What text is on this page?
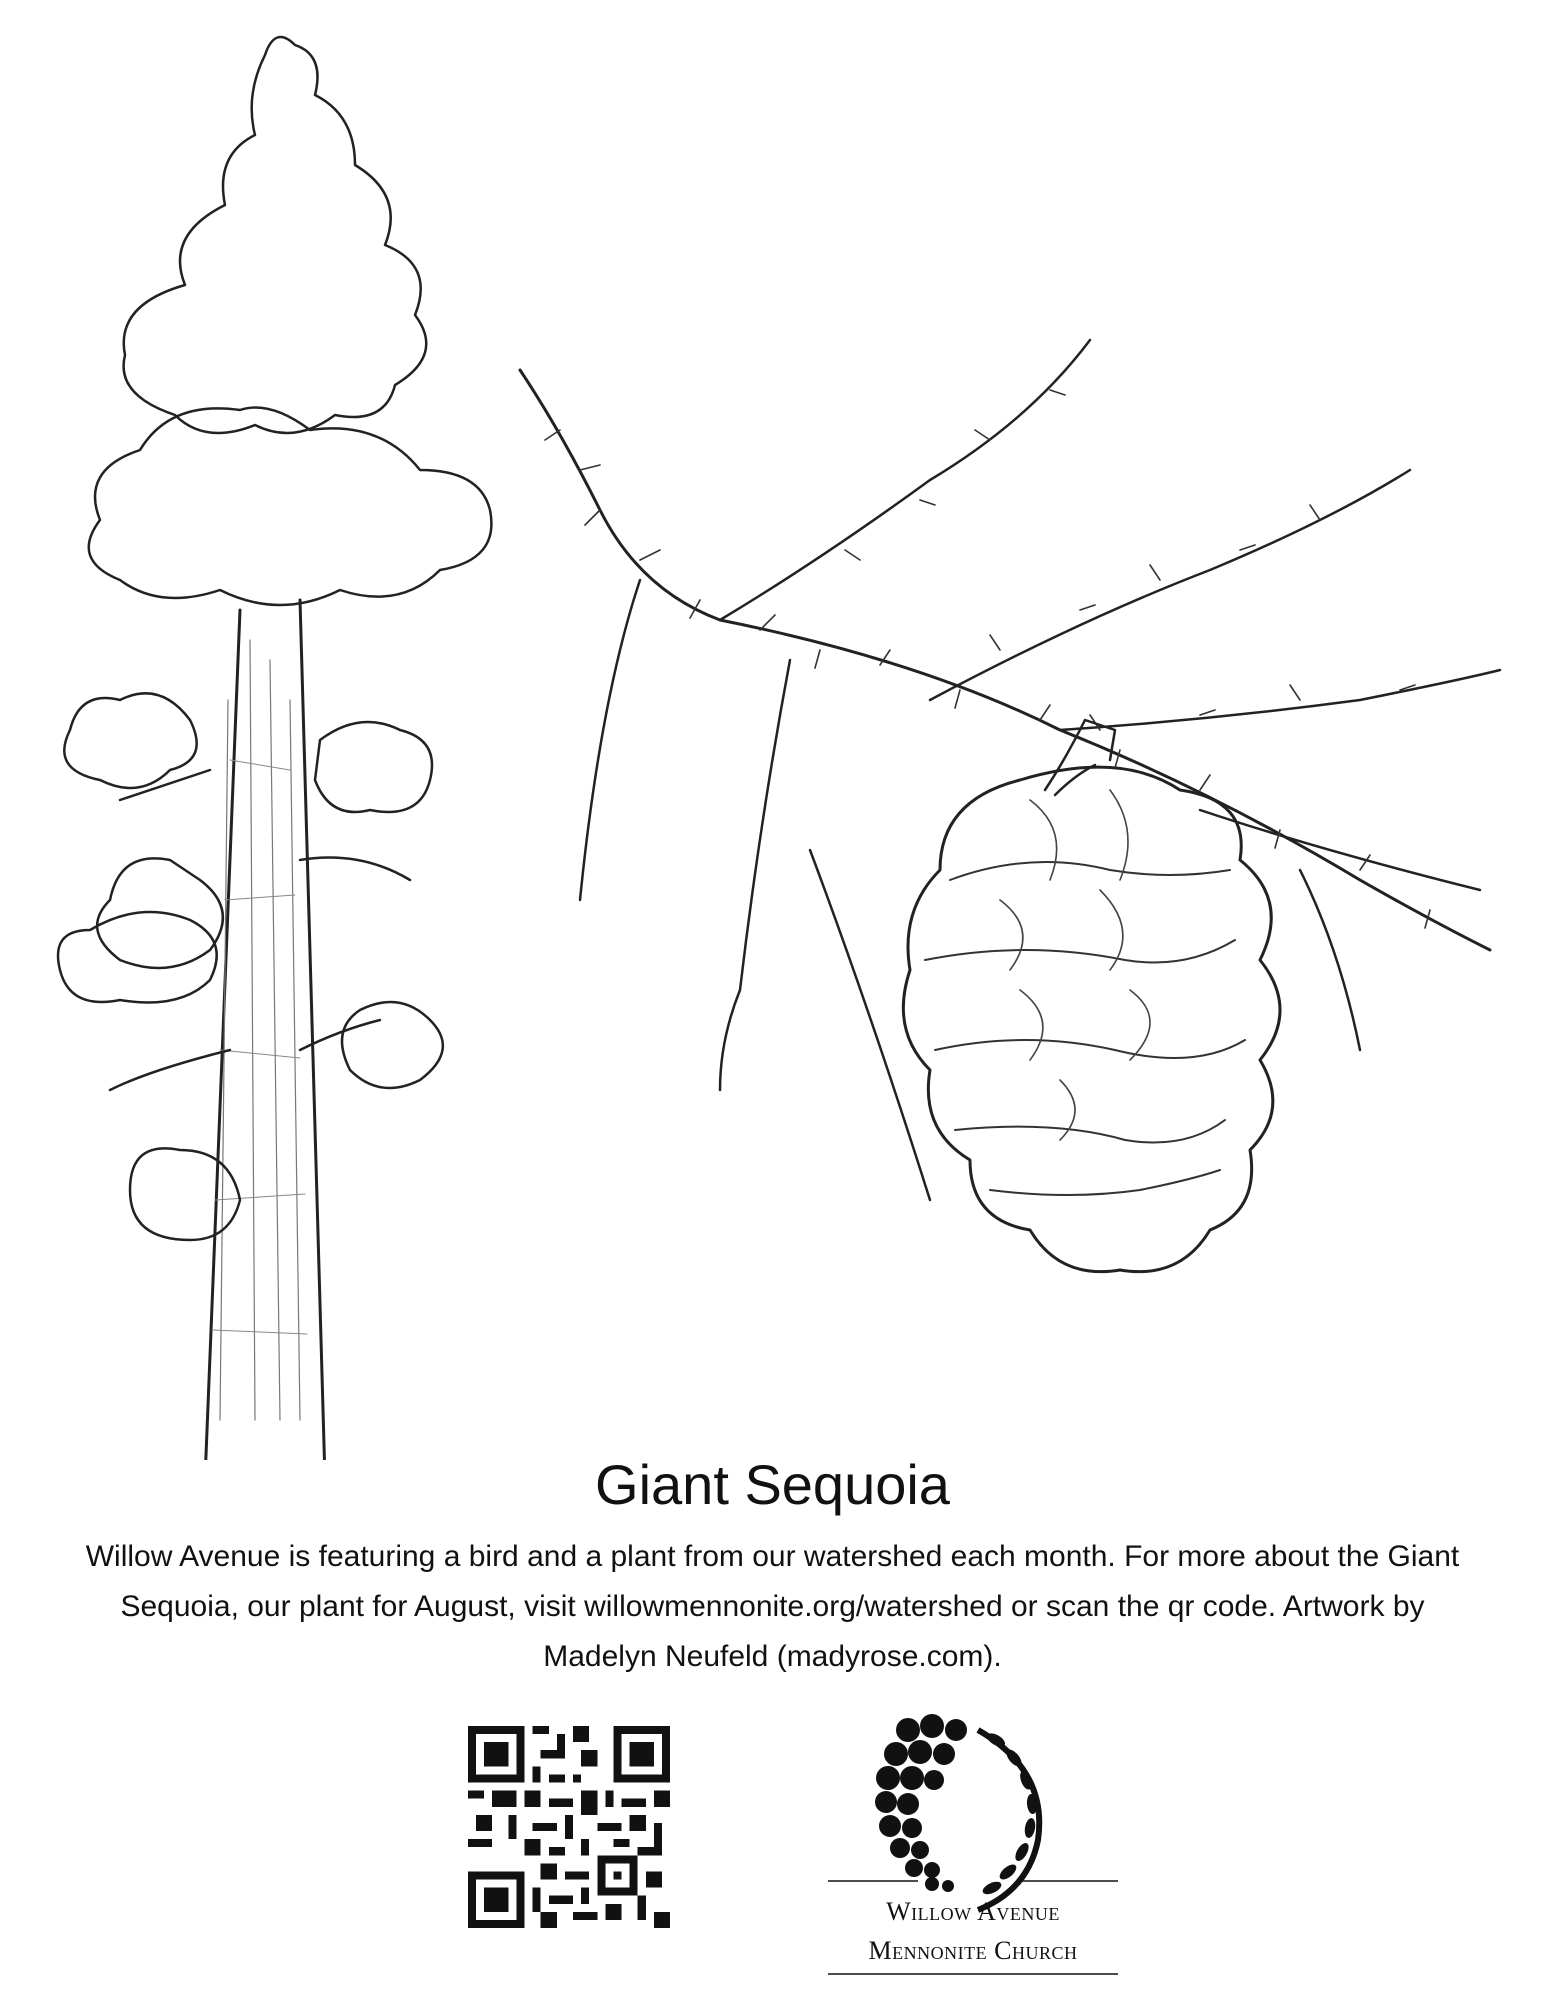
Giant Sequoia
Willow Avenue is featuring a bird and a plant from our watershed each month. For more about the Giant Sequoia, our plant for August, visit willowmennonite.org/watershed or scan the qr code. Artwork by Madelyn Neufeld (madyrose.com).
Willow Avenue
Mennonite Church
